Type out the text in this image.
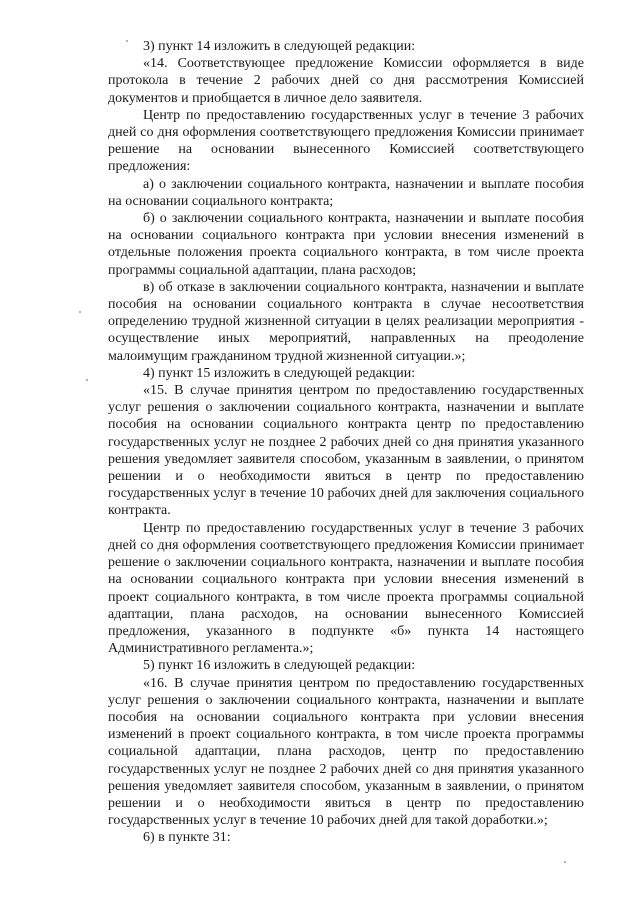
3) пункт 14 изложить в следующей редакции:

«14. Соответствующее предложение Комиссии оформляется в виде протокола в течение 2 рабочих дней со дня рассмотрения Комиссией документов и приобщается в личное дело заявителя.

Центр по предоставлению государственных услуг в течение 3 рабочих дней со дня оформления соответствующего предложения Комиссии принимает решение на основании вынесенного Комиссией соответствующего предложения:

а) о заключении социального контракта, назначении и выплате пособия на основании социального контракта;

б) о заключении социального контракта, назначении и выплате пособия на основании социального контракта при условии внесения изменений в отдельные положения проекта социального контракта, в том числе проекта программы социальной адаптации, плана расходов;

в) об отказе в заключении социального контракта, назначении и выплате пособия на основании социального контракта в случае несоответствия определению трудной жизненной ситуации в целях реализации мероприятия - осуществление иных мероприятий, направленных на преодоление малоимущим гражданином трудной жизненной ситуации.»;

4) пункт 15 изложить в следующей редакции:

«15. В случае принятия центром по предоставлению государственных услуг решения о заключении социального контракта, назначении и выплате пособия на основании социального контракта центр по предоставлению государственных услуг не позднее 2 рабочих дней со дня принятия указанного решения уведомляет заявителя способом, указанным в заявлении, о принятом решении и о необходимости явиться в центр по предоставлению государственных услуг в течение 10 рабочих дней для заключения социального контракта.

Центр по предоставлению государственных услуг в течение 3 рабочих дней со дня оформления соответствующего предложения Комиссии принимает решение о заключении социального контракта, назначении и выплате пособия на основании социального контракта при условии внесения изменений в проект социального контракта, в том числе проекта программы социальной адаптации, плана расходов, на основании вынесенного Комиссией предложения, указанного в подпункте «б» пункта 14 настоящего Административного регламента.»;

5) пункт 16 изложить в следующей редакции:

«16. В случае принятия центром по предоставлению государственных услуг решения о заключении социального контракта, назначении и выплате пособия на основании социального контракта при условии внесения изменений в проект социального контракта, в том числе проекта программы социальной адаптации, плана расходов, центр по предоставлению государственных услуг не позднее 2 рабочих дней со дня принятия указанного решения уведомляет заявителя способом, указанным в заявлении, о принятом решении и о необходимости явиться в центр по предоставлению государственных услуг в течение 10 рабочих дней для такой доработки.»;

6) в пункте 31:
